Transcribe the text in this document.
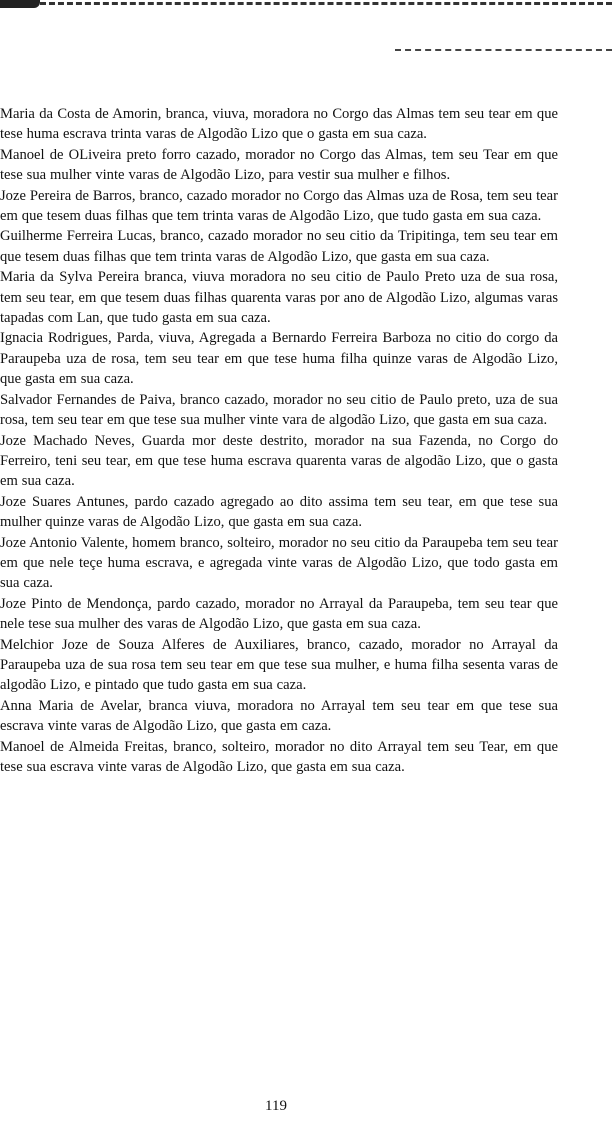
Maria da Costa de Amorin, branca, viuva, moradora no Corgo das Almas tem seu tear em que tese huma escrava trinta varas de Algodão Lizo que o gasta em sua caza.

Manoel de OLiveira preto forro cazado, morador no Corgo das Almas, tem seu Tear em que tese sua mulher vinte varas de Algodão Lizo, para vestir sua mulher e filhos.

Joze Pereira de Barros, branco, cazado morador no Corgo das Almas uza de Rosa, tem seu tear em que tesem duas filhas que tem trinta varas de Algodão Lizo, que tudo gasta em sua caza.

Guilherme Ferreira Lucas, branco, cazado morador no seu citio da Tripitinga, tem seu tear em que tesem duas filhas que tem trinta varas de Algodão Lizo, que gasta em sua caza.

Maria da Sylva Pereira branca, viuva moradora no seu citio de Paulo Preto uza de sua rosa, tem seu tear, em que tesem duas filhas quarenta varas por ano de Algodão Lizo, algumas varas tapadas com Lan, que tudo gasta em sua caza.

Ignacia Rodrigues, Parda, viuva, Agregada a Bernardo Ferreira Barboza no citio do corgo da Paraupeba uza de rosa, tem seu tear em que tese huma filha quinze varas de Algodão Lizo, que gasta em sua caza.

Salvador Fernandes de Paiva, branco cazado, morador no seu citio de Paulo preto, uza de sua rosa, tem seu tear em que tese sua mulher vinte vara de algodão Lizo, que gasta em sua caza.

Joze Machado Neves, Guarda mor deste destrito, morador na sua Fazenda, no Corgo do Ferreiro, teni seu tear, em que tese huma escrava quarenta varas de algodão Lizo, que o gasta em sua caza.

Joze Suares Antunes, pardo cazado agregado ao dito assima tem seu tear, em que tese sua mulher quinze varas de Algodão Lizo, que gasta em sua caza.

Joze Antonio Valente, homem branco, solteiro, morador no seu citio da Paraupeba tem seu tear em que nele teçe huma escrava, e agregada vinte varas de Algodão Lizo, que todo gasta em sua caza.

Joze Pinto de Mendonça, pardo cazado, morador no Arrayal da Paraupeba, tem seu tear que nele tese sua mulher des varas de Algodão Lizo, que gasta em sua caza.

Melchior Joze de Souza Alferes de Auxiliares, branco, cazado, morador no Arrayal da Paraupeba uza de sua rosa tem seu tear em que tese sua mulher, e huma filha sesenta varas de algodão Lizo, e pintado que tudo gasta em sua caza.

Anna Maria de Avelar, branca viuva, moradora no Arrayal tem seu tear em que tese sua escrava vinte varas de Algodão Lizo, que gasta em caza.

Manoel de Almeida Freitas, branco, solteiro, morador no dito Arrayal tem seu Tear, em que tese sua escrava vinte varas de Algodão Lizo, que gasta em sua caza.

119
